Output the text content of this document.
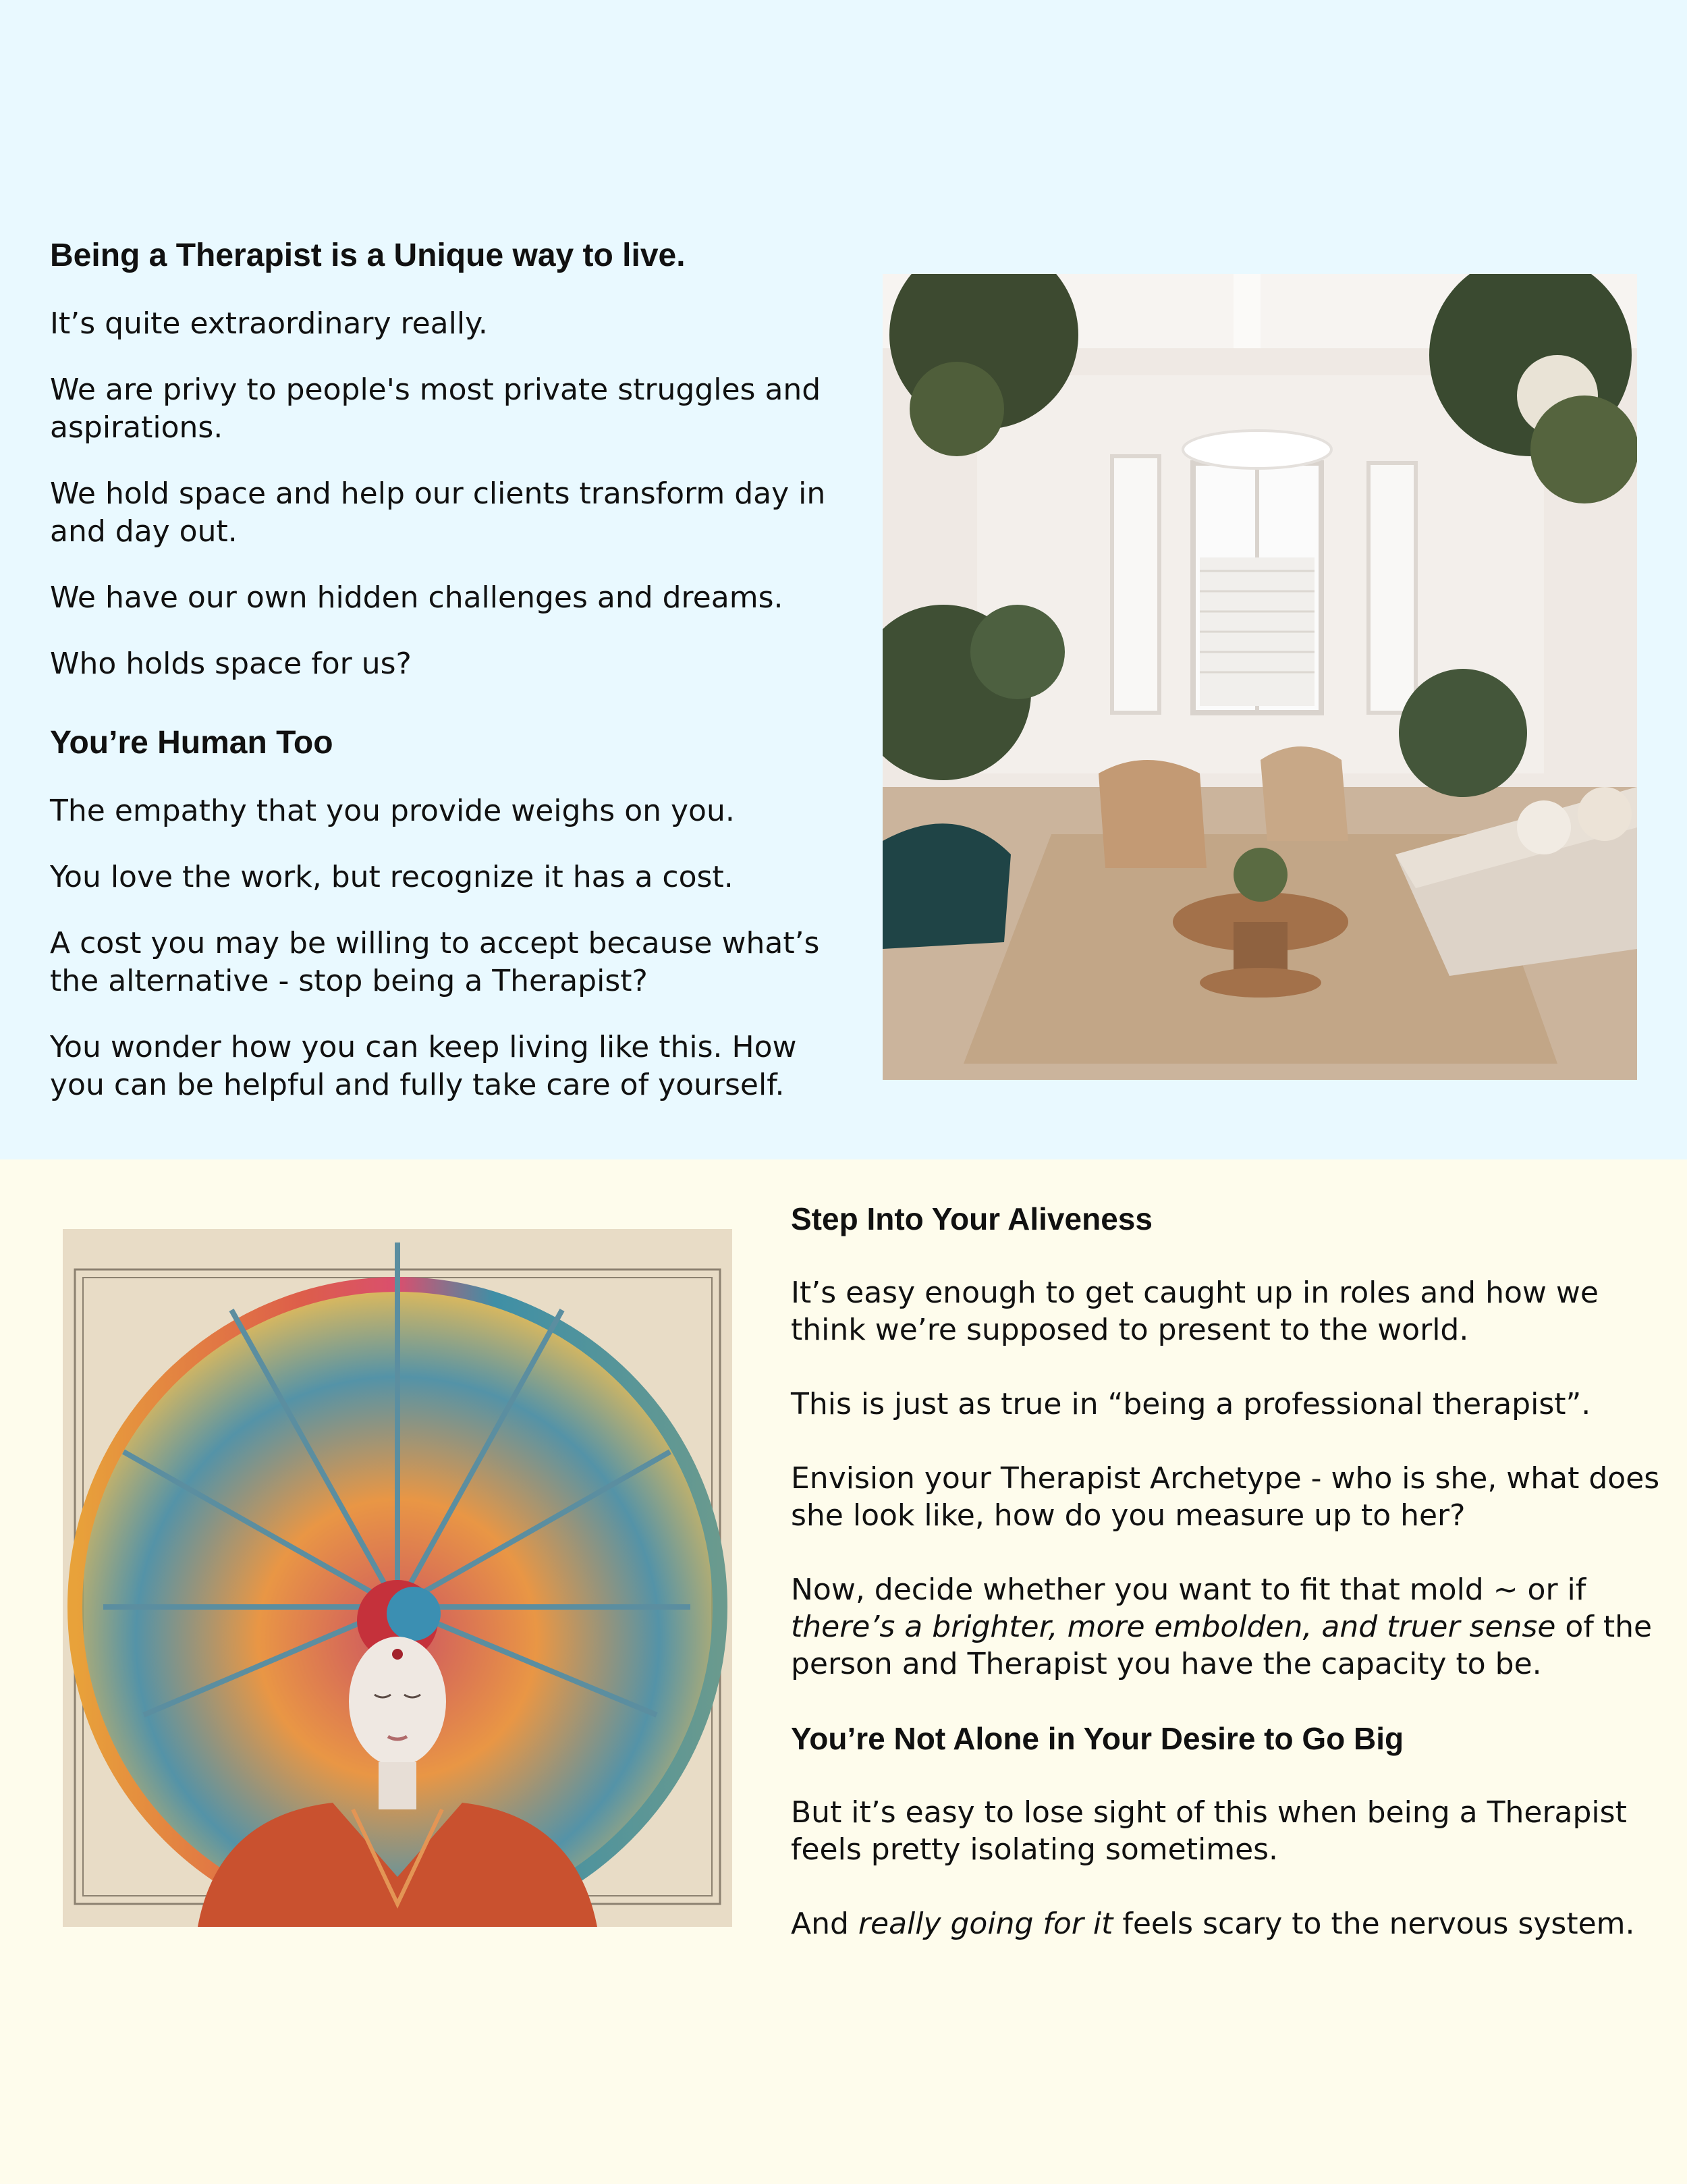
Being a Therapist is a Unique way to live.

It’s quite extraordinary really.

We are privy to people's most private struggles and aspirations.

We hold space and help our clients transform day in and day out.

We have our own hidden challenges and dreams.

Who holds space for us?

You’re Human Too

The empathy that you provide weighs on you.

You love the work, but recognize it has a cost.

A cost you may be willing to accept because what’s the alternative - stop being a Therapist?

You wonder how you can keep living like this. How you can be helpful and fully take care of yourself.

Step Into Your Aliveness

It’s easy enough to get caught up in roles and how we think we’re supposed to present to the world.

This is just as true in “being a professional therapist”.

Envision your Therapist Archetype - who is she, what does she look like, how do you measure up to her?

Now, decide whether you want to fit that mold ~ or if there’s a brighter, more embolden, and truer sense of the person and Therapist you have the capacity to be.

You’re Not Alone in Your Desire to Go Big

But it’s easy to lose sight of this when being a Therapist feels pretty isolating sometimes.

And really going for it feels scary to the nervous system.
